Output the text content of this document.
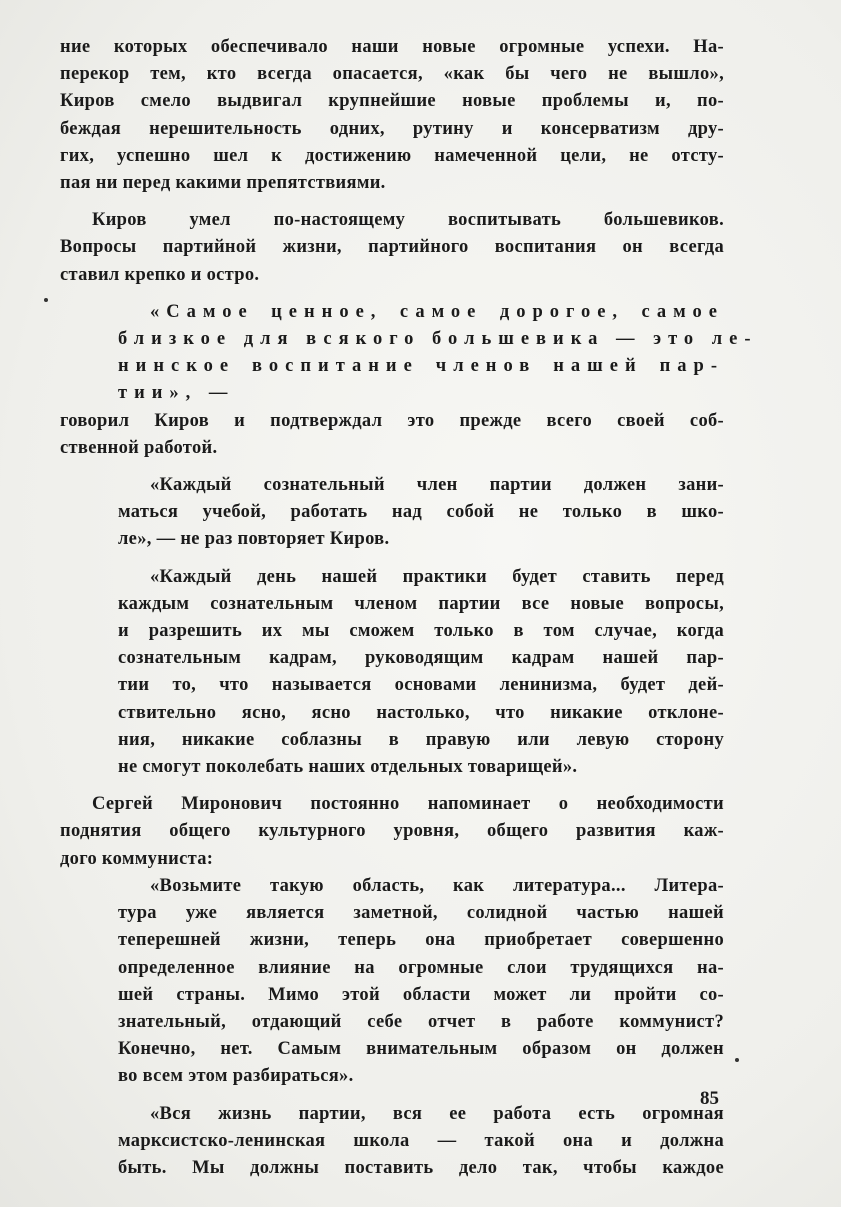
ние которых обеспечивало наши новые огромные успехи. На-
перекор тем, кто всегда опасается, «как бы чего не вышло»,
Киров смело выдвигал крупнейшие новые проблемы и, по-
беждая нерешительность одних, рутину и консерватизм дру-
гих, успешно шел к достижению намеченной цели, не отсту-
пая ни перед какими препятствиями.
Киров умел по-настоящему воспитывать большевиков.
Вопросы партийной жизни, партийного воспитания он всегда
ставил крепко и остро.
«Самое ценное, самое дорогое, самое
близкое для всякого большевика — это ле-
нинское воспитание членов нашей пар-
тии», —
говорил Киров и подтверждал это прежде всего своей соб-
ственной работой.
«Каждый сознательный член партии должен зани-
маться учебой, работать над собой не только в шко-
ле», — не раз повторяет Киров.
«Каждый день нашей практики будет ставить перед
каждым сознательным членом партии все новые вопросы,
и разрешить их мы сможем только в том случае, когда
сознательным кадрам, руководящим кадрам нашей пар-
тии то, что называется основами ленинизма, будет дей-
ствительно ясно, ясно настолько, что никакие отклоне-
ния, никакие соблазны в правую или левую сторону
не смогут поколебать наших отдельных товарищей».
Сергей Миронович постоянно напоминает о необходимости
поднятия общего культурного уровня, общего развития каж-
дого коммуниста:
«Возьмите такую область, как литература... Литера-
тура уже является заметной, солидной частью нашей
теперешней жизни, теперь она приобретает совершенно
определенное влияние на огромные слои трудящихся на-
шей страны. Мимо этой области может ли пройти со-
знательный, отдающий себе отчет в работе коммунист?
Конечно, нет. Самым внимательным образом он должен
во всем этом разбираться».
«Вся жизнь партии, вся ее работа есть огромная
марксистско-ленинская школа — такой она и должна
быть. Мы должны поставить дело так, чтобы каждое
85
